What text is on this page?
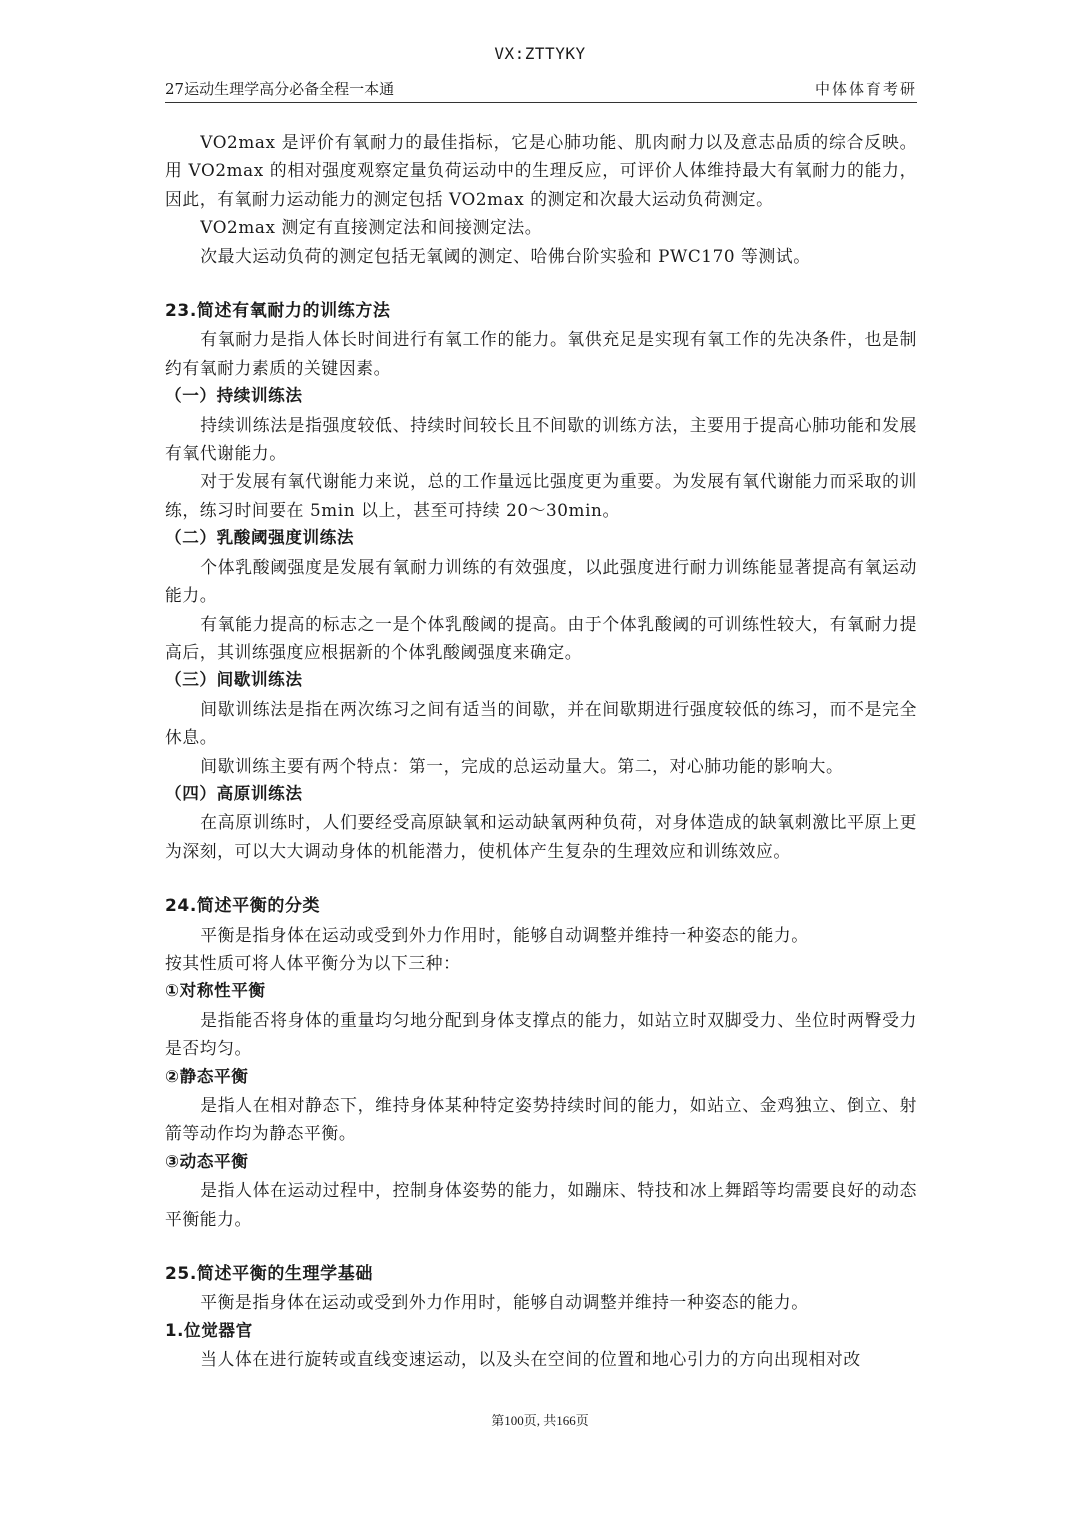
VX:ZTTYKY
27运动生理学高分必备全程一本通	中体体育考研

VO2max 是评价有氧耐力的最佳指标，它是心肺功能、肌肉耐力以及意志品质的综合反映。用 VO2max 的相对强度观察定量负荷运动中的生理反应，可评价人体维持最大有氧耐力的能力，因此，有氧耐力运动能力的测定包括 VO2max 的测定和次最大运动负荷测定。

VO2max 测定有直接测定法和间接测定法。

次最大运动负荷的测定包括无氧阈的测定、哈佛台阶实验和 PWC170 等测试。

23.简述有氧耐力的训练方法

有氧耐力是指人体长时间进行有氧工作的能力。氧供充足是实现有氧工作的先决条件，也是制约有氧耐力素质的关键因素。

（一）持续训练法

持续训练法是指强度较低、持续时间较长且不间歇的训练方法，主要用于提高心肺功能和发展有氧代谢能力。

对于发展有氧代谢能力来说，总的工作量远比强度更为重要。为发展有氧代谢能力而采取的训练，练习时间要在 5min 以上，甚至可持续 20～30min。

（二）乳酸阈强度训练法

个体乳酸阈强度是发展有氧耐力训练的有效强度，以此强度进行耐力训练能显著提高有氧运动能力。

有氧能力提高的标志之一是个体乳酸阈的提高。由于个体乳酸阈的可训练性较大，有氧耐力提高后，其训练强度应根据新的个体乳酸阈强度来确定。

（三）间歇训练法

间歇训练法是指在两次练习之间有适当的间歇，并在间歇期进行强度较低的练习，而不是完全休息。

间歇训练主要有两个特点：第一，完成的总运动量大。第二，对心肺功能的影响大。

（四）高原训练法

在高原训练时，人们要经受高原缺氧和运动缺氧两种负荷，对身体造成的缺氧刺激比平原上更为深刻，可以大大调动身体的机能潜力，使机体产生复杂的生理效应和训练效应。

24.简述平衡的分类

平衡是指身体在运动或受到外力作用时，能够自动调整并维持一种姿态的能力。

按其性质可将人体平衡分为以下三种：

①对称性平衡

是指能否将身体的重量均匀地分配到身体支撑点的能力，如站立时双脚受力、坐位时两臀受力是否均匀。

②静态平衡

是指人在相对静态下，维持身体某种特定姿势持续时间的能力，如站立、金鸡独立、倒立、射箭等动作均为静态平衡。

③动态平衡

是指人体在运动过程中，控制身体姿势的能力，如蹦床、特技和冰上舞蹈等均需要良好的动态平衡能力。

25.简述平衡的生理学基础

平衡是指身体在运动或受到外力作用时，能够自动调整并维持一种姿态的能力。

1.位觉器官

当人体在进行旋转或直线变速运动，以及头在空间的位置和地心引力的方向出现相对改

第100页, 共166页
